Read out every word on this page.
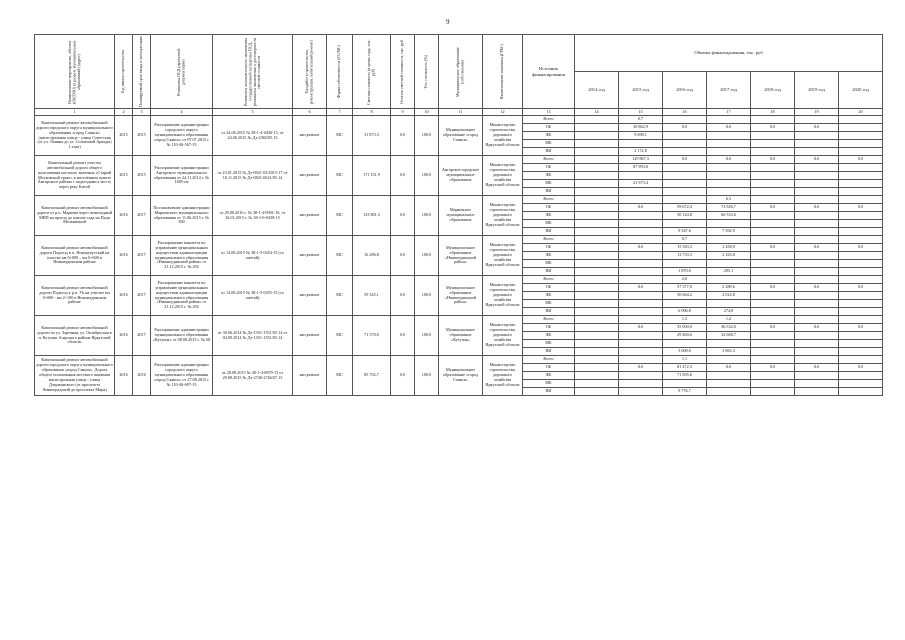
9
Наименование мероприятия, объекта (ОКТМО) (в разрезе муниципальных образований) (адрес)	Год начала строительства	Планируемый срок ввода в эксплуатацию	Реквизиты ПСД (проектной документации)	Реквизиты положительного заключения государственной экспертизы ПСД, реквизиты заключения о достоверности сметной стоимости	Тип работ (строительство, реконструкция, капитальный ремонт)	Форма собственности (ГС/МС)	Сметная стоимость (в ценах года, тыс. руб)	Остаток сметной стоимости, тыс. руб	Тех. готовность (%)	Муниципальное образование (собственник)	Наименование заказчика (ГРБС)	Источник финансирования	Объемы финансирования, тыс. руб						
													2014 год	2015 год	2016 год	2017 год	2018 год	2019 год	2020 год
1	2	3	4	5	6	7	8	9	10	11	12	13	14	15	16	17	18	19	20
Капитальный ремонт автомобильной дороги городского округа муниципального образования «город Саянск» (магистральная улица - улица Советская (от ул. Ленина до ул. Солнечной Аркады) 1 этап)	2015	2015	Распоряжение администрации городского округа муниципального образования «город Саянск» от 07.07.2015 г. № 110-46-567-15	от 24.06.2015 № 38-1-4-0436-15, от 24.06.2015 № Дз-2382/05.15	кап.ремонт	МС	31 873,3	0,0	100,0	Муниципальное образование «город Саянск»	Министерство строительства, дорожного хозяйства Иркутской области	Всего		0,7					
												ОБ		30 862,9	0,0	0,0	0,0	0,0	
												ФБ		9 698,1					
												МБ							
												ВИ		2 172,8					
Капитальный ремонт участка автомобильной дороги общего пользования местного значения «Старый Московский тракт» в населённом пункте Ангарского района с подъездами к мосту через реку Китой	2015	2015	Распоряжение администрации Ангарского муниципального образования от 24.11.2014 г. № 1685-па	от 23.01.2015 № Дз-0821-03/2015-17 от 16.11.2015 № Дз-0821-0621/05.14	кап.ремонт	МС	171 151,9	0,0	100,0	Ангарское городское муниципальное образование	Министерство строительства, дорожного хозяйства Иркутской области	Всего		129 867,3	0,0	0,0	0,0	0,0	0,0
												ОБ		87 993,8					
												ФБ							
												МБ		21 973,4					
												ВИ							
Капитальный ремонт автомобильной дороги от р.п. Маркова через пешеходный МВП на проезд до школы-сада на Пади Мельничной	2016	2017	Постановление администрации Марковского муниципального образования от 11.06.2015 г. № 300	от 29.08.2016 г. № 38-1-4-0901-16, от 16.01.2015 г. № 38-1-6-0438-15	кап.ремонт	МС	133 801,3	0,0	100,0	Марковское муниципальное образование	Министерство строительства, дорожного хозяйства Иркутской области	Всего				6,3			
												ОБ		0,0	59 672,4	73 926,7	0,0	0,0	0,0
												ФБ			50 124,8	66 533,6			
												МБ							
												ВИ			9 547,6	7 392,9			
Капитальный ремонт автомобильной дороги Подъезд к п. Новонукутский на участке км 0+000 – км 0+600 в Нижнеудинском районе	2016	2017	Распоряжение комитета по управлению муниципальным имуществом администрации муниципального образования «Нижнеудинский район» от 21.12.2015 г. № 292	от 14.06.2015 № 38-1-5-0454-15 (со сметой)	кап.ремонт	МС	16 286,8	0,0	100,0	Муниципальное образование «Нижнеудинский район»	Министерство строительства, дорожного хозяйства Иркутской области	Всего			0,7				
												ОБ		0,0	15 583,3	2 458,9	0,0	0,0	0,0
												ФБ			13 733,3	2 163,8			
												МБ							
												ВИ			1 870,0	295,1			
Капитальный ремонт автомобильной дороги Подъезд к р.п. Уk на участке км 0+000 - км 2+100 в Нижнеудинском районе	2016	2017	Распоряжение комитета по управлению муниципальным имуществом администрации муниципального образования «Нижнеудинский район» от 21.12.2015 г. № 292	от 14.06.2015 № 38-1-5-0455-15 (со сметой)	кап.ремонт	МС	59 345,1	0,0	100,0	Муниципальное образование «Нижнеудинский район»	Министерство строительства, дорожного хозяйства Иркутской области	Всего			2,0				
												ОБ		0,0	57 377,0	2 289,6	0,0	0,0	0,0
												ФБ			50 664,2	2 014,8			
												МБ							
												ВИ			6 906,8	274,8			
Капитальный ремонт автомобильной дороги по ул. Заречная, ул. Октябрьская в п. Кутулик Аларского района Иркутской области	2016	2017	Распоряжение администрации муниципального образования «Кутулик» от 08.08.2015 г. № 68	от 30.06.2014 № Дз-1351-1551/05.14 от 04.09.2014 № Дз-1351-1551/05.14	кап.ремонт	МС	71 570,0	0,0	100,0	Муниципальное образование «Кутулик»	Министерство строительства, дорожного хозяйства Иркутской области	Всего			1,3	1,2			
												ОБ		0,0	35 000,0	36 532,0	0,0	0,0	0,0
												ФБ			29 400,0	32 668,7			
												МБ							
												ВИ			5 600,0	3 863,3			
Капитальный ремонт автомобильной дороги городского округа муниципального образования «город Саянск». Дорога общего пользования местного значения магистральная улица - улица Дзержинского (от проспекта Ленинградский до проспекта Мира)	2016	2016	Распоряжение администрации городского округа муниципального образования «город Саянск» от 27.08.2015 г. № 110-46-697-15	от 28.08.2015 № 38-1-4-0879-15 от 29.08.2015 № Дз-2746-2746/07.15	кап.ремонт	МС	85 702,7	0,0	100,0	Муниципальное образование «город Саянск»	Министерство строительства, дорожного хозяйства Иркутской области	Всего			1,1				
												ОБ		0,0	81 472,3	0,0	0,0	0,0	0,0
												ФБ			71 695,6				
												МБ							
												ВИ			9 776,7				
